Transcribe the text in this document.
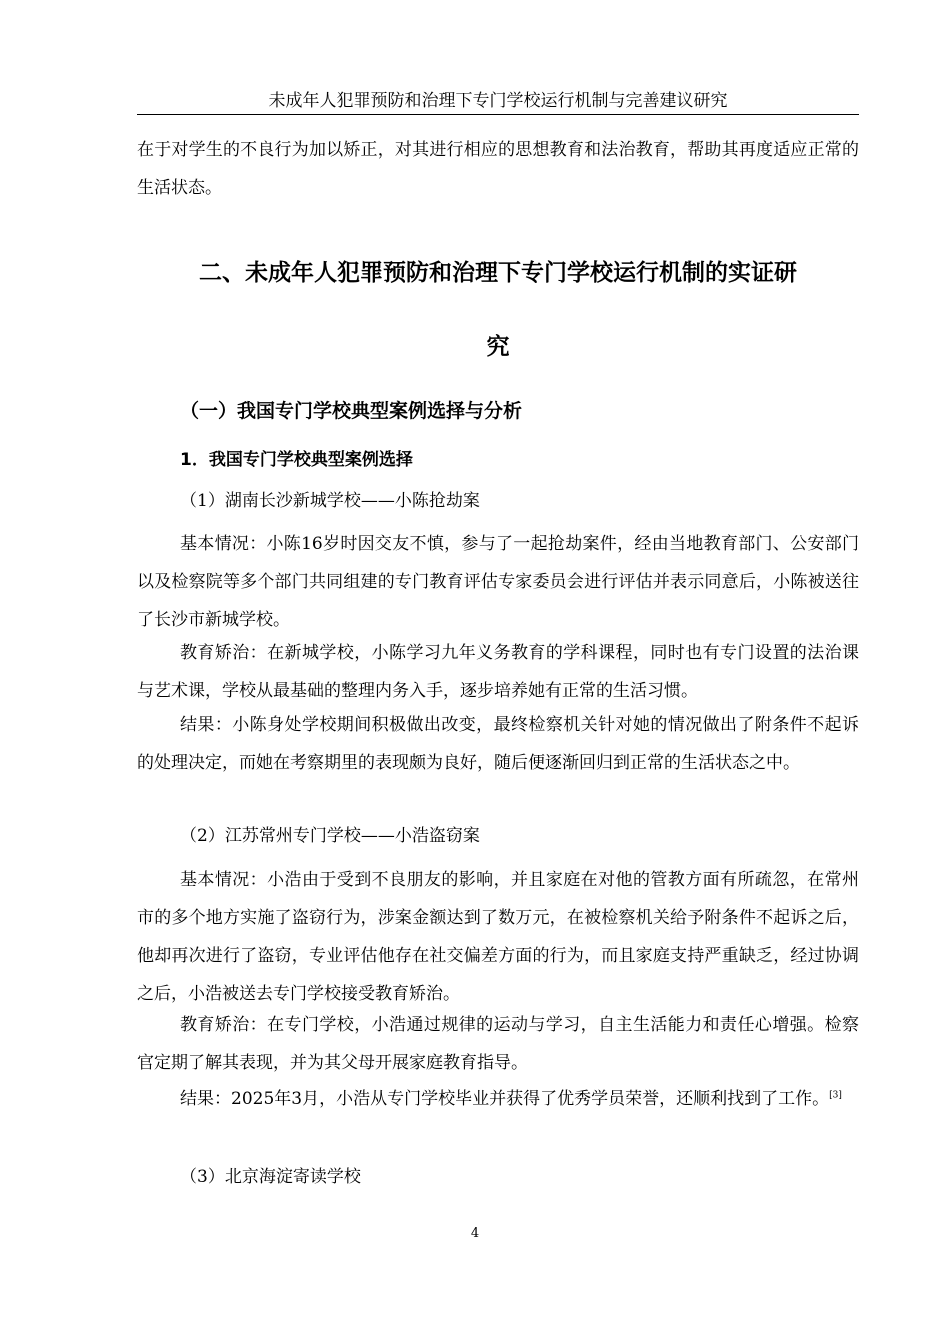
未成年人犯罪预防和治理下专门学校运行机制与完善建议研究
在于对学生的不良行为加以矫正，对其进行相应的思想教育和法治教育，帮助其再度适应正常的生活状态。
二、未成年人犯罪预防和治理下专门学校运行机制的实证研
究
（一）我国专门学校典型案例选择与分析
1．我国专门学校典型案例选择
（1）湖南长沙新城学校——小陈抢劫案
基本情况：小陈16岁时因交友不慎，参与了一起抢劫案件，经由当地教育部门、公安部门以及检察院等多个部门共同组建的专门教育评估专家委员会进行评估并表示同意后，小陈被送往了长沙市新城学校。
教育矫治：在新城学校，小陈学习九年义务教育的学科课程，同时也有专门设置的法治课与艺术课，学校从最基础的整理内务入手，逐步培养她有正常的生活习惯。
结果：小陈身处学校期间积极做出改变，最终检察机关针对她的情况做出了附条件不起诉的处理决定，而她在考察期里的表现颇为良好，随后便逐渐回归到正常的生活状态之中。
（2）江苏常州专门学校——小浩盗窃案
基本情况：小浩由于受到不良朋友的影响，并且家庭在对他的管教方面有所疏忽，在常州市的多个地方实施了盗窃行为，涉案金额达到了数万元，在被检察机关给予附条件不起诉之后，他却再次进行了盗窃，专业评估他存在社交偏差方面的行为，而且家庭支持严重缺乏，经过协调之后，小浩被送去专门学校接受教育矫治。
教育矫治：在专门学校，小浩通过规律的运动与学习，自主生活能力和责任心增强。检察官定期了解其表现，并为其父母开展家庭教育指导。
结果：2025年3月，小浩从专门学校毕业并获得了优秀学员荣誉，还顺利找到了工作。[3]
（3）北京海淀寄读学校
4
